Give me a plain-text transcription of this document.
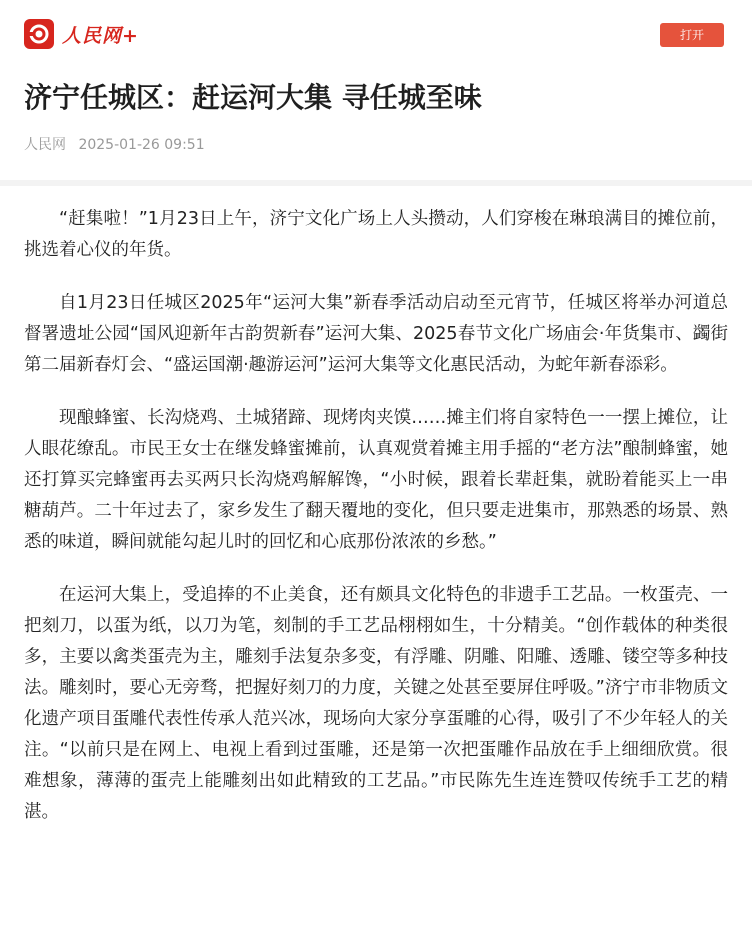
人民网+	打开
济宁任城区：赶运河大集 寻任城至味
人民网 2025-01-26 09:51

“赶集啦！”1月23日上午，济宁文化广场上人头攒动，人们穿梭在琳琅满目的摊位前，挑选着心仪的年货。

自1月23日任城区2025年“运河大集”新春季活动启动至元宵节，任城区将举办河道总督署遗址公园“国风迎新年古韵贺新春”运河大集、2025春节文化广场庙会·年货集市、蠲街第二届新春灯会、“盛运国潮·趣游运河”运河大集等文化惠民活动，为蛇年新春添彩。

现酿蜂蜜、长沟烧鸡、土城猪蹄、现烤肉夹馍……摊主们将自家特色一一摆上摊位，让人眼花缭乱。市民王女士在继发蜂蜜摊前，认真观赏着摊主用手摇的“老方法”酿制蜂蜜，她还打算买完蜂蜜再去买两只长沟烧鸡解解馋，“小时候，跟着长辈赶集，就盼着能买上一串糖葫芦。二十年过去了，家乡发生了翻天覆地的变化，但只要走进集市，那熟悉的场景、熟悉的味道，瞬间就能勾起儿时的回忆和心底那份浓浓的乡愁。”

在运河大集上，受追捧的不止美食，还有颇具文化特色的非遗手工艺品。一枚蛋壳、一把刻刀，以蛋为纸，以刀为笔，刻制的手工艺品栩栩如生，十分精美。“创作载体的种类很多，主要以禽类蛋壳为主，雕刻手法复杂多变，有浮雕、阴雕、阳雕、透雕、镂空等多种技法。雕刻时，要心无旁骛，把握好刻刀的力度，关键之处甚至要屏住呼吸。”济宁市非物质文化遗产项目蛋雕代表性传承人范兴冰，现场向大家分享蛋雕的心得，吸引了不少年轻人的关注。“以前只是在网上、电视上看到过蛋雕，还是第一次把蛋雕作品放在手上细细欣赏。很难想象，薄薄的蛋壳上能雕刻出如此精致的工艺品。”市民陈先生连连赞叹传统手工艺的精湛。
